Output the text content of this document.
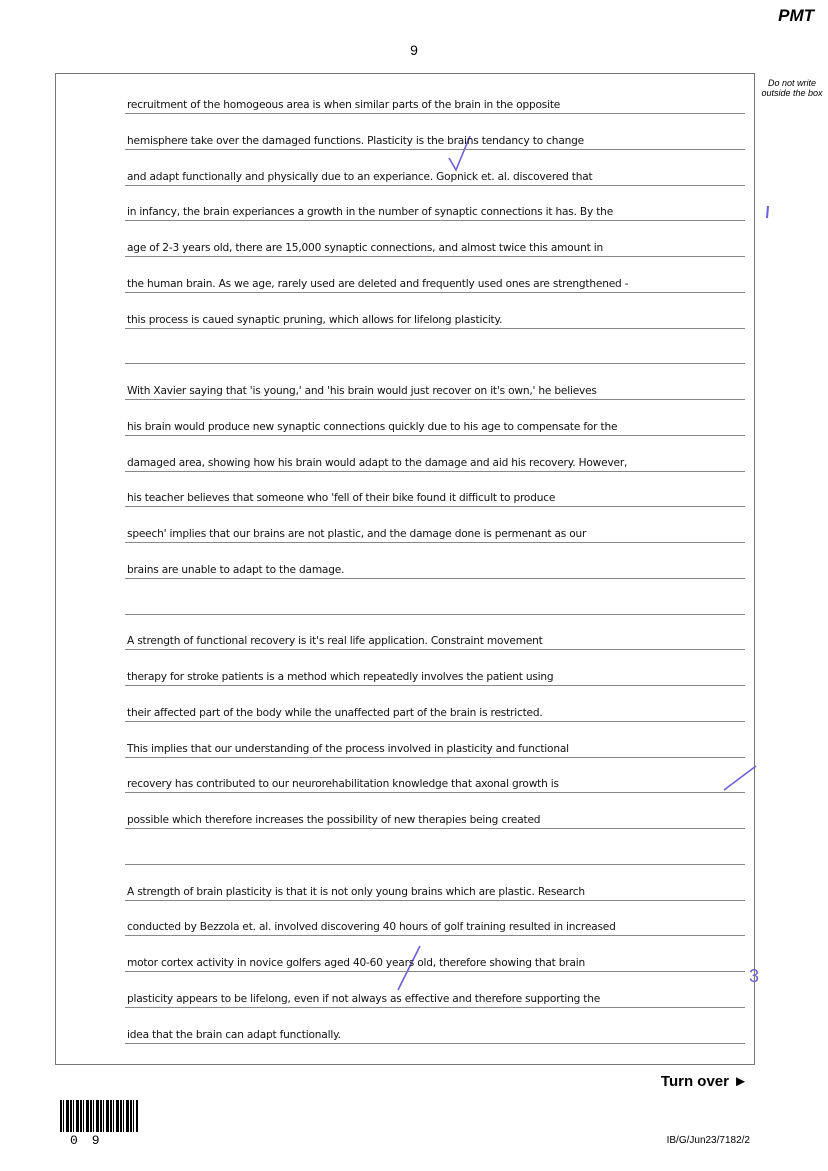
PMT
9
Do not write outside the box
recruitment of the homogeous area is when similar parts of the brain in the opposite
hemisphere take over the damaged functions. Plasticity is the brains tendancy to change
and adapt functionally and physically due to an experiance. Gopnick et. al. discovered that
in infancy, the brain experiances a growth in the number of synaptic connections it has. By the
age of 2-3 years old, there are 15,000 synaptic connections, and almost twice this amount in
the human brain. As we age, rarely used are deleted and frequently used ones are strengthened -
this process is caued synaptic pruning, which allows for lifelong plasticity.
With Xavier saying that 'is young,' and 'his brain would just recover on it's own,' he believes
his brain would produce new synaptic connections quickly due to his age to compensate for the
damaged area, showing how his brain would adapt to the damage and aid his recovery. However,
his teacher believes that someone who 'fell of their bike found it difficult to produce
speech' implies that our brains are not plastic, and the damage done is permenant as our
brains are unable to adapt to the damage.
A strength of functional recovery is it's real life application. Constraint movement
therapy for stroke patients is a method which repeatedly involves the patient using
their affected part of the body while the unaffected part of the brain is restricted.
This implies that our understanding of the process involved in plasticity and functional
recovery has contributed to our neurorehabilitation knowledge that axonal growth is
possible which therefore increases the possibility of new therapies being created
A strength of brain plasticity is that it is not only young brains which are plastic. Research
conducted by Bezzola et. al. involved discovering 40 hours of golf training resulted in increased
motor cortex activity in novice golfers aged 40-60 years old, therefore showing that brain
plasticity appears to be lifelong, even if not always as effective and therefore supporting the
idea that the brain can adapt functionally.
3
Turn over ►
09	IB/G/Jun23/7182/2
